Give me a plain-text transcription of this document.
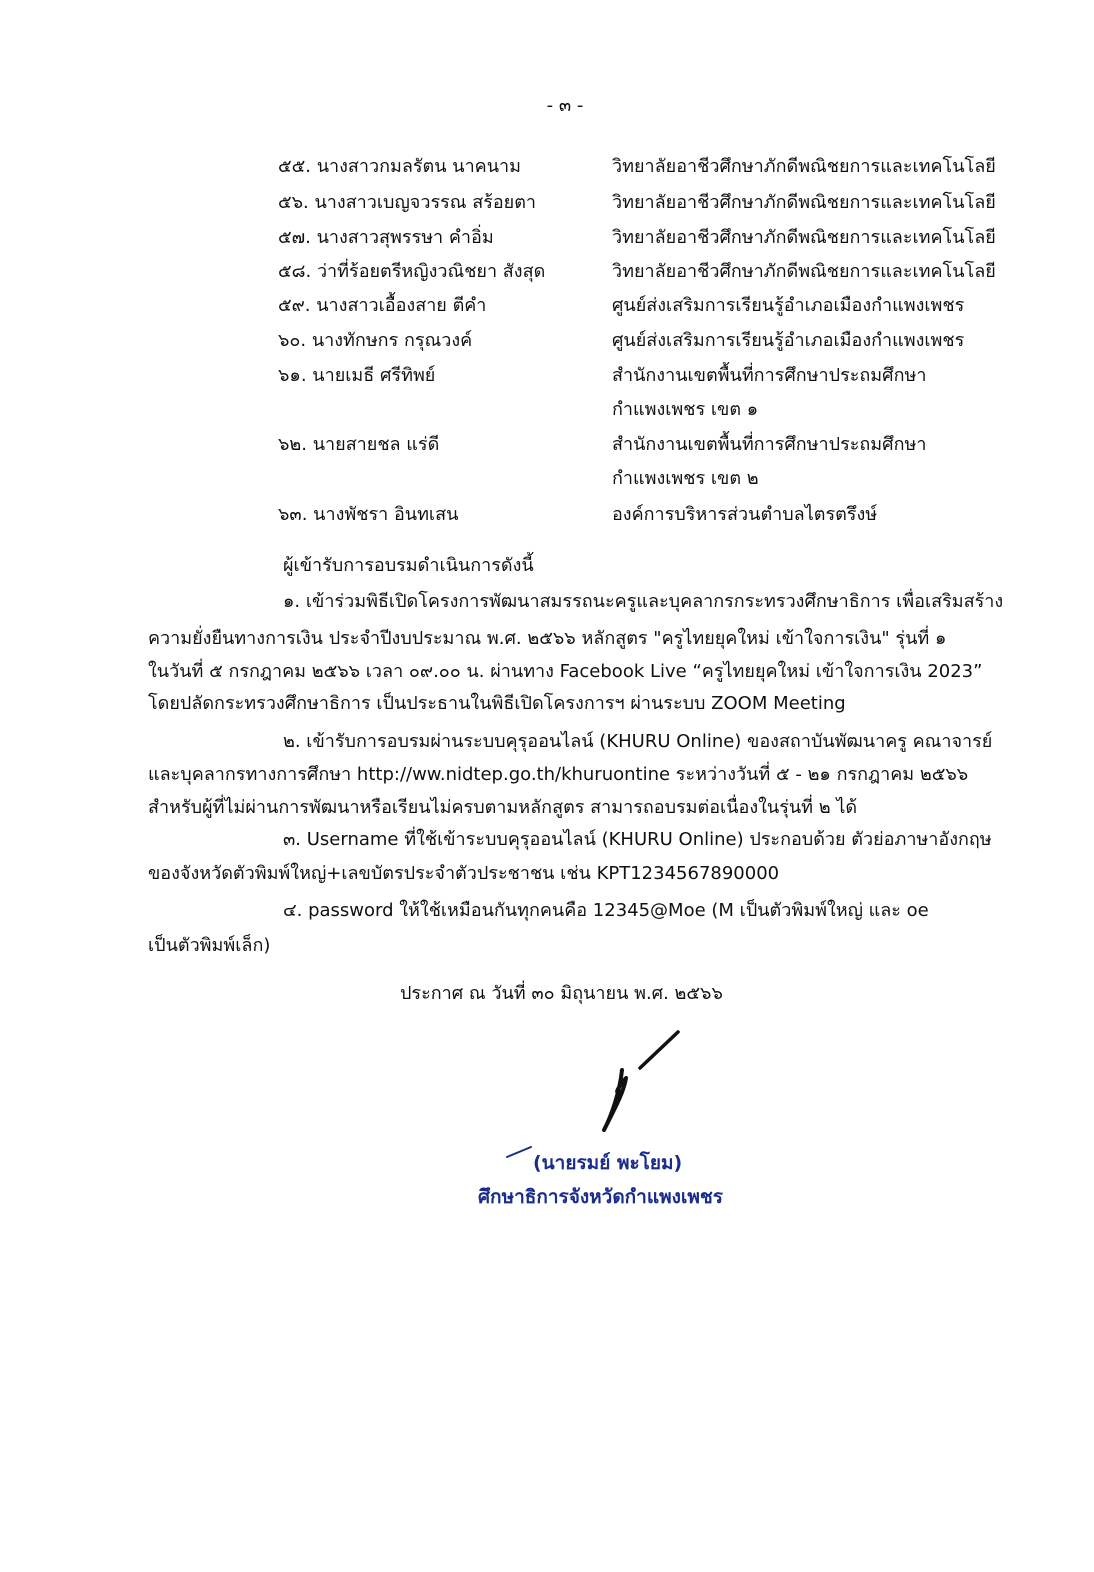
- ๓ -
๕๕. นางสาวกมลรัตน นาคนาม	วิทยาลัยอาชีวศึกษาภักดีพณิชยการและเทคโนโลยี
๕๖. นางสาวเบญจวรรณ สร้อยตา	วิทยาลัยอาชีวศึกษาภักดีพณิชยการและเทคโนโลยี
๕๗. นางสาวสุพรรษา คำอิ่ม	วิทยาลัยอาชีวศึกษาภักดีพณิชยการและเทคโนโลยี
๕๘. ว่าที่ร้อยตรีหญิงวณิชยา สังสุด	วิทยาลัยอาชีวศึกษาภักดีพณิชยการและเทคโนโลยี
๕๙. นางสาวเอื้องสาย ตีคำ	ศูนย์ส่งเสริมการเรียนรู้อำเภอเมืองกำแพงเพชร
๖๐. นางทักษกร กรุณวงค์	ศูนย์ส่งเสริมการเรียนรู้อำเภอเมืองกำแพงเพชร
๖๑. นายเมธี ศรีทิพย์	สำนักงานเขตพื้นที่การศึกษาประถมศึกษา
กำแพงเพชร เขต ๑
๖๒. นายสายชล แร่ดี	สำนักงานเขตพื้นที่การศึกษาประถมศึกษา
กำแพงเพชร เขต ๒
๖๓. นางพัชรา อินทเสน	องค์การบริหารส่วนตำบลไตรตรึงษ์
ผู้เข้ารับการอบรมดำเนินการดังนี้
๑. เข้าร่วมพิธีเปิดโครงการพัฒนาสมรรถนะครูและบุคลากรกระทรวงศึกษาธิการ เพื่อเสริมสร้าง
ความยั่งยืนทางการเงิน ประจำปีงบประมาณ พ.ศ. ๒๕๖๖ หลักสูตร "ครูไทยยุคใหม่ เข้าใจการเงิน" รุ่นที่ ๑
ในวันที่ ๕ กรกฎาคม ๒๕๖๖ เวลา ๐๙.๐๐ น. ผ่านทาง Facebook Live “ครูไทยยุคใหม่ เข้าใจการเงิน 2023”
โดยปลัดกระทรวงศึกษาธิการ เป็นประธานในพิธีเปิดโครงการฯ ผ่านระบบ ZOOM Meeting
๒. เข้ารับการอบรมผ่านระบบคุรุออนไลน์ (KHURU Online) ของสถาบันพัฒนาครู คณาจารย์
และบุคลากรทางการศึกษา http://ww.nidtep.go.th/khuruontine ระหว่างวันที่ ๕ - ๒๑ กรกฎาคม ๒๕๖๖
สำหรับผู้ที่ไม่ผ่านการพัฒนาหรือเรียนไม่ครบตามหลักสูตร สามารถอบรมต่อเนื่องในรุ่นที่ ๒ ได้
๓. Username ที่ใช้เข้าระบบคุรุออนไลน์ (KHURU Online) ประกอบด้วย ตัวย่อภาษาอังกฤษ
ของจังหวัดตัวพิมพ์ใหญ่+เลขบัตรประจำตัวประชาชน เช่น KPT1234567890000
๔. password ให้ใช้เหมือนกันทุกคนคือ 12345@Moe (M เป็นตัวพิมพ์ใหญ่ และ oe
เป็นตัวพิมพ์เล็ก)
ประกาศ ณ วันที่ ๓๐ มิถุนายน พ.ศ. ๒๕๖๖
(นายรมย์ พะโยม)
ศึกษาธิการจังหวัดกำแพงเพชร
